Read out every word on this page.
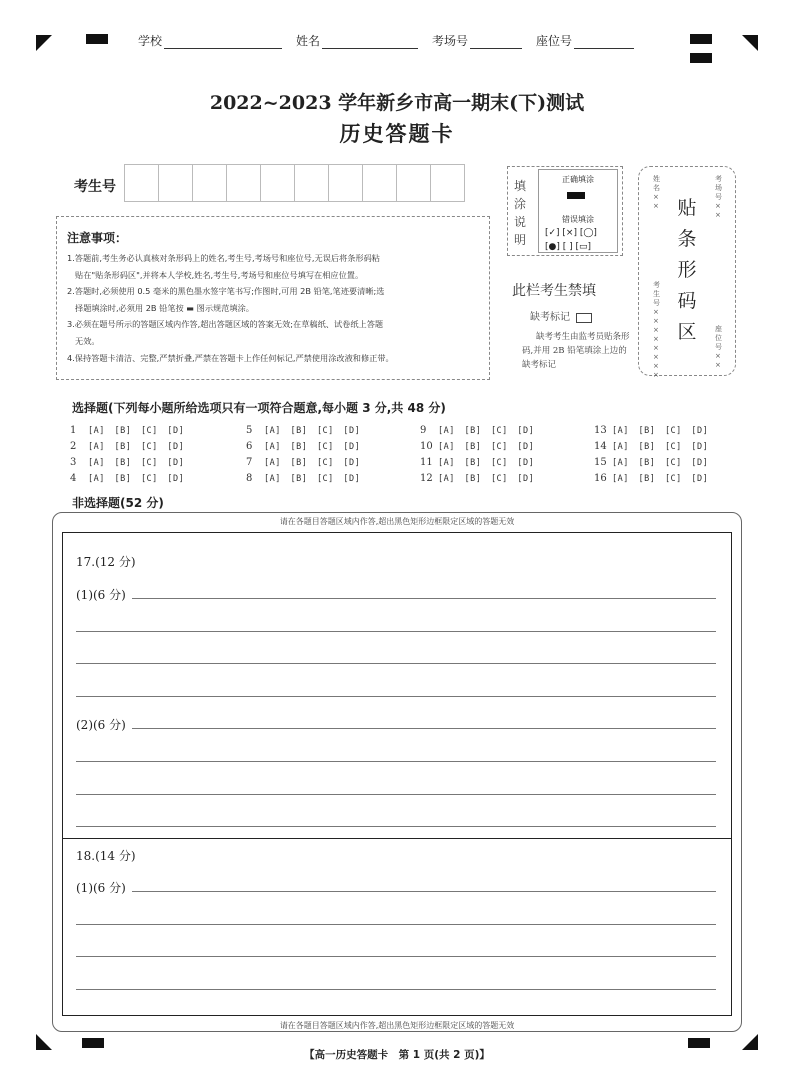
学校	姓名	考场号	座位号
2022~2023 学年新乡市高一期末(下)测试
历史答题卡
考生号
注意事项：
1.答题前,考生务必认真核对条形码上的姓名,考生号,考场号和座位号,无误后将条形码粘
贴在"贴条形码区",并将本人学校,姓名,考生号,考场号和座位号填写在相应位置。
2.答题时,必须使用 0.5 毫米的黑色墨水签字笔书写;作图时,可用 2B 铅笔,笔迹要清晰;选
择题填涂时,必须用 2B 铅笔按 ▬ 图示规范填涂。
3.必须在题号所示的答题区域内作答,超出答题区域的答案无效;在草稿纸、试卷纸上答题
无效。
4.保持答题卡清洁、完整,严禁折叠,严禁在答题卡上作任何标记,严禁使用涂改液和修正带。
填涂说明
正确填涂
错误填涂
[✓] [×] [◯]
[●] [ ] [▭]
此栏考生禁填
缺考标记
缺考考生由监考员贴条形码,并用 2B 铅笔填涂上边的缺考标记
贴条形码区
姓名××
考场号××
考生号××××××××
座位号××
选择题(下列每小题所给选项只有一项符合题意,每小题 3 分,共 48 分)
1 [A] [B] [C] [D]
2 [A] [B] [C] [D]
3 [A] [B] [C] [D]
4 [A] [B] [C] [D]
5 [A] [B] [C] [D]
6 [A] [B] [C] [D]
7 [A] [B] [C] [D]
8 [A] [B] [C] [D]
9 [A] [B] [C] [D]
10 [A] [B] [C] [D]
11 [A] [B] [C] [D]
12 [A] [B] [C] [D]
13 [A] [B] [C] [D]
14 [A] [B] [C] [D]
15 [A] [B] [C] [D]
16 [A] [B] [C] [D]
非选择题(52 分)
请在各题目答题区域内作答,超出黑色矩形边框限定区域的答题无效
17.(12 分)
(1)(6 分)
(2)(6 分)
18.(14 分)
(1)(6 分)
请在各题目答题区域内作答,超出黑色矩形边框限定区域的答题无效
【高一历史答题卡　第 1 页(共 2 页)】
